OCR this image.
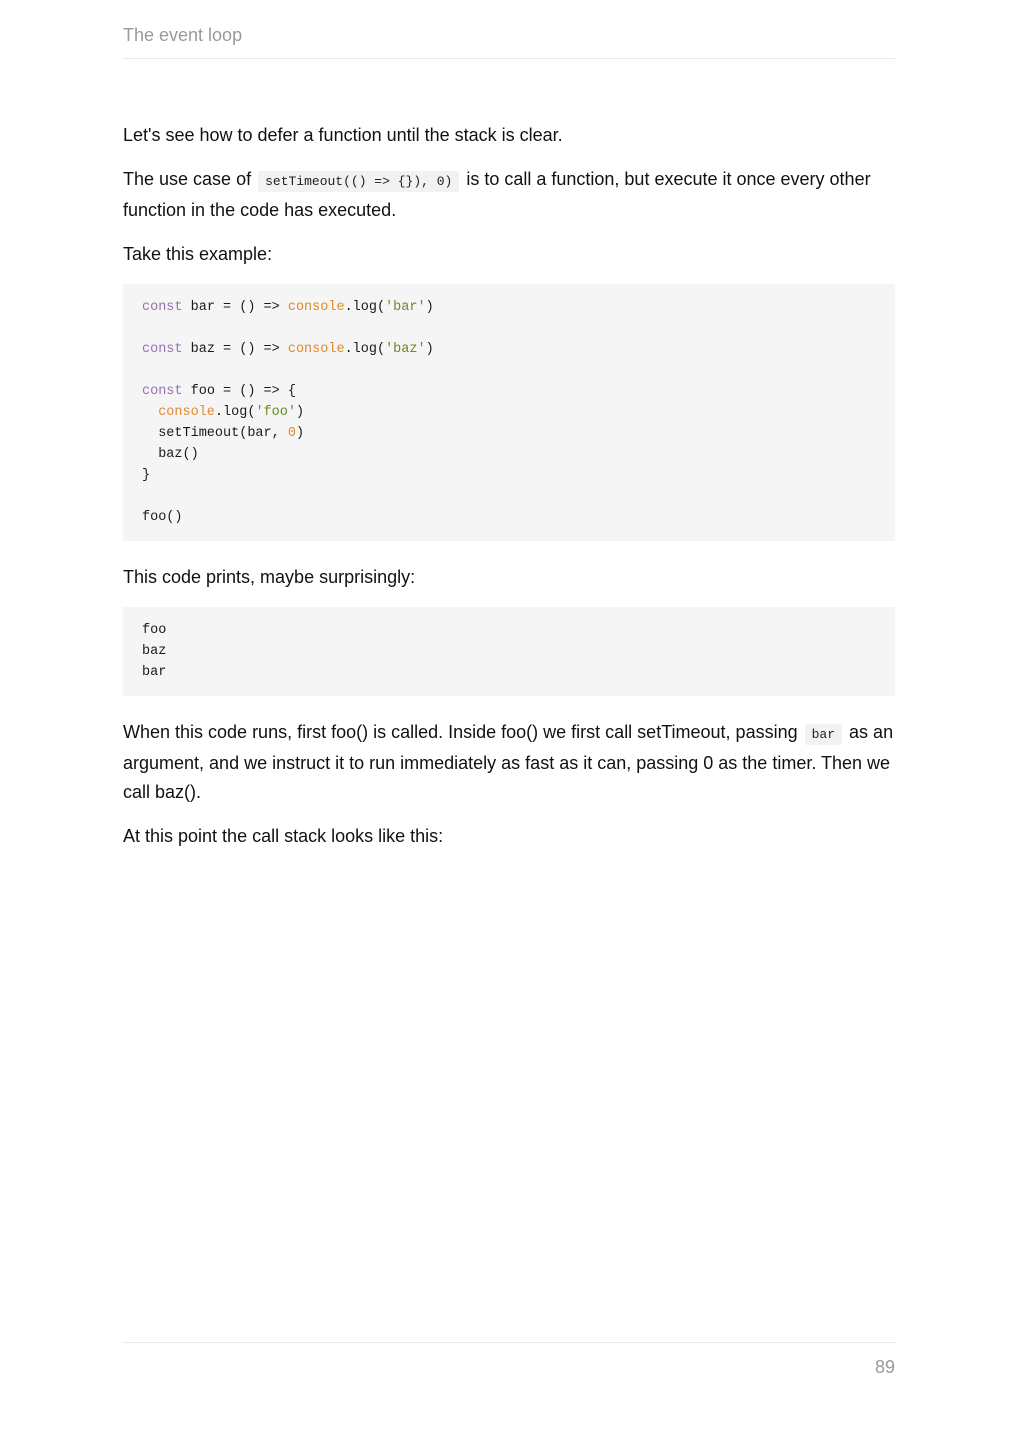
The event loop

Let's see how to defer a function until the stack is clear.

The use case of setTimeout(() => {}), 0) is to call a function, but execute it once every other function in the code has executed.

Take this example:

const bar = () => console.log('bar')
const baz = () => console.log('baz')
const foo = () => {
console.log('foo')
setTimeout(bar, 0)
baz()
}
foo()

This code prints, maybe surprisingly:

foo
baz
bar

When this code runs, first foo() is called. Inside foo() we first call setTimeout, passing bar as an argument, and we instruct it to run immediately as fast as it can, passing 0 as the timer. Then we call baz().

At this point the call stack looks like this:

89
